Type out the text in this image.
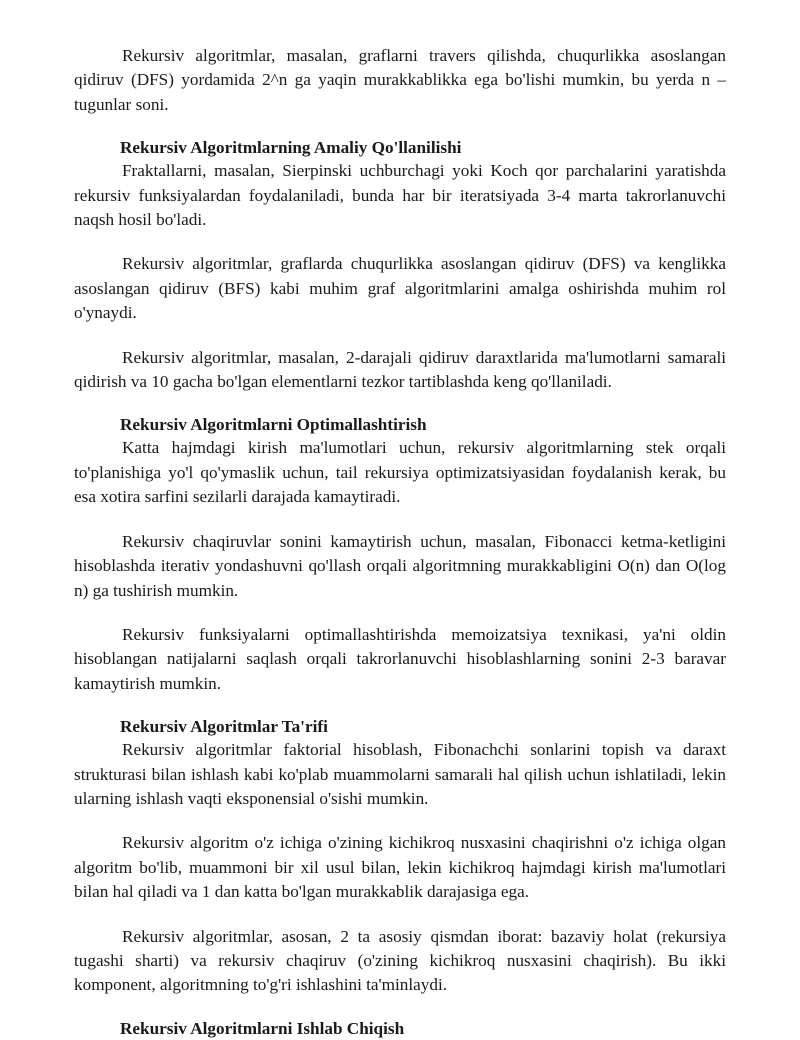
Rekursiv algoritmlar, masalan, graflarni travers qilishda, chuqurlikka asoslangan qidiruv (DFS) yordamida 2^n ga yaqin murakkablikka ega bo'lishi mumkin, bu yerda n – tugunlar soni.

Rekursiv Algoritmlarning Amaliy Qo'llanilishi

Fraktallarni, masalan, Sierpinski uchburchagi yoki Koch qor parchalarini yaratishda rekursiv funksiyalardan foydalaniladi, bunda har bir iteratsiyada 3-4 marta takrorlanuvchi naqsh hosil bo'ladi.

Rekursiv algoritmlar, graflarda chuqurlikka asoslangan qidiruv (DFS) va kenglikka asoslangan qidiruv (BFS) kabi muhim graf algoritmlarini amalga oshirishda muhim rol o'ynaydi.

Rekursiv algoritmlar, masalan, 2-darajali qidiruv daraxtlarida ma'lumotlarni samarali qidirish va 10 gacha bo'lgan elementlarni tezkor tartiblashda keng qo'llaniladi.

Rekursiv Algoritmlarni Optimallashtirish

Katta hajmdagi kirish ma'lumotlari uchun, rekursiv algoritmlarning stek orqali to'planishiga yo'l qo'ymaslik uchun, tail rekursiya optimizatsiyasidan foydalanish kerak, bu esa xotira sarfini sezilarli darajada kamaytiradi.

Rekursiv chaqiruvlar sonini kamaytirish uchun, masalan, Fibonacci ketma-ketligini hisoblashda iterativ yondashuvni qo'llash orqali algoritmning murakkabligini O(n) dan O(log n) ga tushirish mumkin.

Rekursiv funksiyalarni optimallashtirishda memoizatsiya texnikasi, ya'ni oldin hisoblangan natijalarni saqlash orqali takrorlanuvchi hisoblashlarning sonini 2-3 baravar kamaytirish mumkin.

Rekursiv Algoritmlar Ta'rifi

Rekursiv algoritmlar faktorial hisoblash, Fibonachchi sonlarini topish va daraxt strukturasi bilan ishlash kabi ko'plab muammolarni samarali hal qilish uchun ishlatiladi, lekin ularning ishlash vaqti eksponensial o'sishi mumkin.

Rekursiv algoritm o'z ichiga o'zining kichikroq nusxasini chaqirishni o'z ichiga olgan algoritm bo'lib, muammoni bir xil usul bilan, lekin kichikroq hajmdagi kirish ma'lumotlari bilan hal qiladi va 1 dan katta bo'lgan murakkablik darajasiga ega.

Rekursiv algoritmlar, asosan, 2 ta asosiy qismdan iborat: bazaviy holat (rekursiya tugashi sharti) va rekursiv chaqiruv (o'zining kichikroq nusxasini chaqirish). Bu ikki komponent, algoritmning to'g'ri ishlashini ta'minlaydi.

Rekursiv Algoritmlarni Ishlab Chiqish
